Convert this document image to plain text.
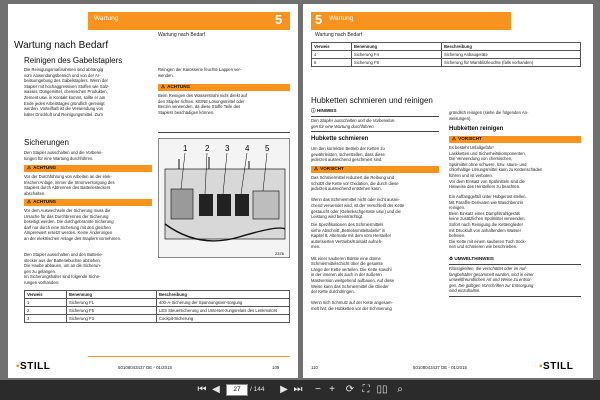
Wartung	5
Wartung nach Bedarf
Wartung nach Bedarf
Reinigen des Gabelstaplers
Die Reinigungsmaßnahmen sind abhängig
vom Anwendungsbereich und von der Ar-
beitsumgebung des Gabelstaplers. Wenn der
Stapler mit hochaggressiven Stoffen wie Salz-
wasser, Düngemittel, chemischen Produkten,
Zement usw. in Kontakt kommt, sollte er am
Ende jedes Arbeitstages gründlich gereinigt
werden. Vorteilhaft ist die Verwendung von
kalter Druckluft und Reinigungsmittel. Zum
Reinigen der Karosserie feuchte Lappen ver-
wenden.
⚠ ACHTUNG
Beim Reinigen des Wasserstrahl nicht direkt auf
den Stapler richten. KEINE Lösungsmittel oder
Benzin verwenden, da diese Stoffe Teile des
Staplers beschädigen können.
Sicherungen
Den Stapler ausschalten und die Vorberei-
tungen für eine Wartung durchführen.
⚠ ACHTUNG
Vor der Durchführung von Arbeiten an der elek-
trischen Anlage, immer die Stromversorgung des
Staplers durch Abtrennen des Batteriesteckers
abschalten.
⚠ ACHTUNG
Vor dem Auswechseln der Sicherung muss die
Ursache für das Durchbrennen der Sicherung
beseitigt werden. Die durchgebrannte Sicherung
darf nur durch eine Sicherung mit den gleichen
Amperewert ersetzt werden. Keine Änderungen
an der elektrischen Anlage des Staplers vornehmen.
Den Stapler ausschalten und den Batterie-
stecker aus der Batteriebuchse abziehen.
Die Haube abbauen, um an die Sicherun-
gen zu gelangen.
Im Sicherungshalter sind folgende Siche-
rungen vorhanden:
1 2 3 4 5
2376
Verweis	Benennung	Beschreibung
1	Sicherung F1	400-A-Sicherung der Spannungsver-sorgung
2	Sicherung F5	LES Steuersicherung und Unterset-zungsrelais des Lenkmotors
3	Sicherung F3	Cockpit-Sicherung
▪STILL	50108043437 DE - 01/2015	109
5 Wartung
Wartung nach Bedarf
Verweis	Benennung	Beschreibung
4	Sicherung F4	Sicherung Anbaugeräte
5	Sicherung F8	Sicherung für Warnblitzleuchte (falls vorhanden)
Hubketten schmieren und reinigen
ⓘ HINWEIS
Den Stapler ausschalten und die Vorbereitun-
gen für eine Wartung durchführen.
Hubkette schmieren
Um den korrekten Betrieb der Ketten zu
gewährleisten, sicherstellen, dass diese
jederzeit ausreichend geschmiert sind.
⚠ VORSICHT
Das Schmiermittel reduziert die Reibung und
schützt die Kette vor Oxidation, die durch diese
jederzeit ausreichend entstehen kann.

Wenn das Schmiermittel nicht oder nicht ausrei-
chend verwendet wird, ist der Verschleiß der Kette
gestaucht oder (Gelenkschgerüste usw.) und die
Leistung wird beeinträchtigt.
Die Spezifikationen des Schmiermittels
siehe Abschnitt „Betriebsmitteltabelle“ in
Kapitel 8. Alternativ mit dem vom Hersteller
autorisierten Vertriebs/Kontakt aufneh-
men.

Mit einer sauberen Bürste eine dünne
Schmiermittelschicht über die gesamte
Länge der Kette verteilen. Die Kette sowohl
in der inneren als auch in der äußeren
Mastversion weitgehend aufbauen. Auf diese
Weise kann das Schmiermittel die Glieder
der Kette durchdringen.

Wenn sich Schmutz auf der Kette angesam-
melt hat, die Hubketten vor der Schmierung
gründlich reinigen (siehe die folgenden An-
weisungen).
Hubketten reinigen
⚠ VORSICHT
Es besteht Unfallgefahr!
Laskketten und Sicherheitskomponenten.
Die Verwendung von chemischen,
Spülmittel ohne schwere, bzw. säure- und
chlorhaltige Lösungsmittel kann zu Kettenschäden
führen und ist verboten.
Vor dem Einsatz von Spülmitteln sind die
Hinweise des Herstellers zu beachten.
Ein Auffanggefäß unter Hubgerüst stellen.
Mit Paraffin-Derivaten wie Waschbenzin
reinigen.
Beim Einsatz eines Dampfstrahlgeräts
keine zusätzlichen Spülmittel verwenden.
Sofort nach Reinigung die Kettenglieder
mit Druckluft von anhaftendem Wasser
befreien.
Die Kette mit einem sauberen Tuch trock-
nen und schmieren wie beschrieben.
♻ UMWELTHINWEIS
Flüssigkeiten, die verschüttet oder im Auf-
fangbehälter gesammelt wurden, sind in einer
umweltfreundlichen Art und Weise zu entsor-
gen. Die gültigen Vorschriften zur Entsorgung
sind einzuhalten.
110	50108043437 DE - 01/2015	▪STILL
⏮ ◀	27	/ 144 ▶ ⏭	− +	⟳ ⛶ ▯▯ ⌕
